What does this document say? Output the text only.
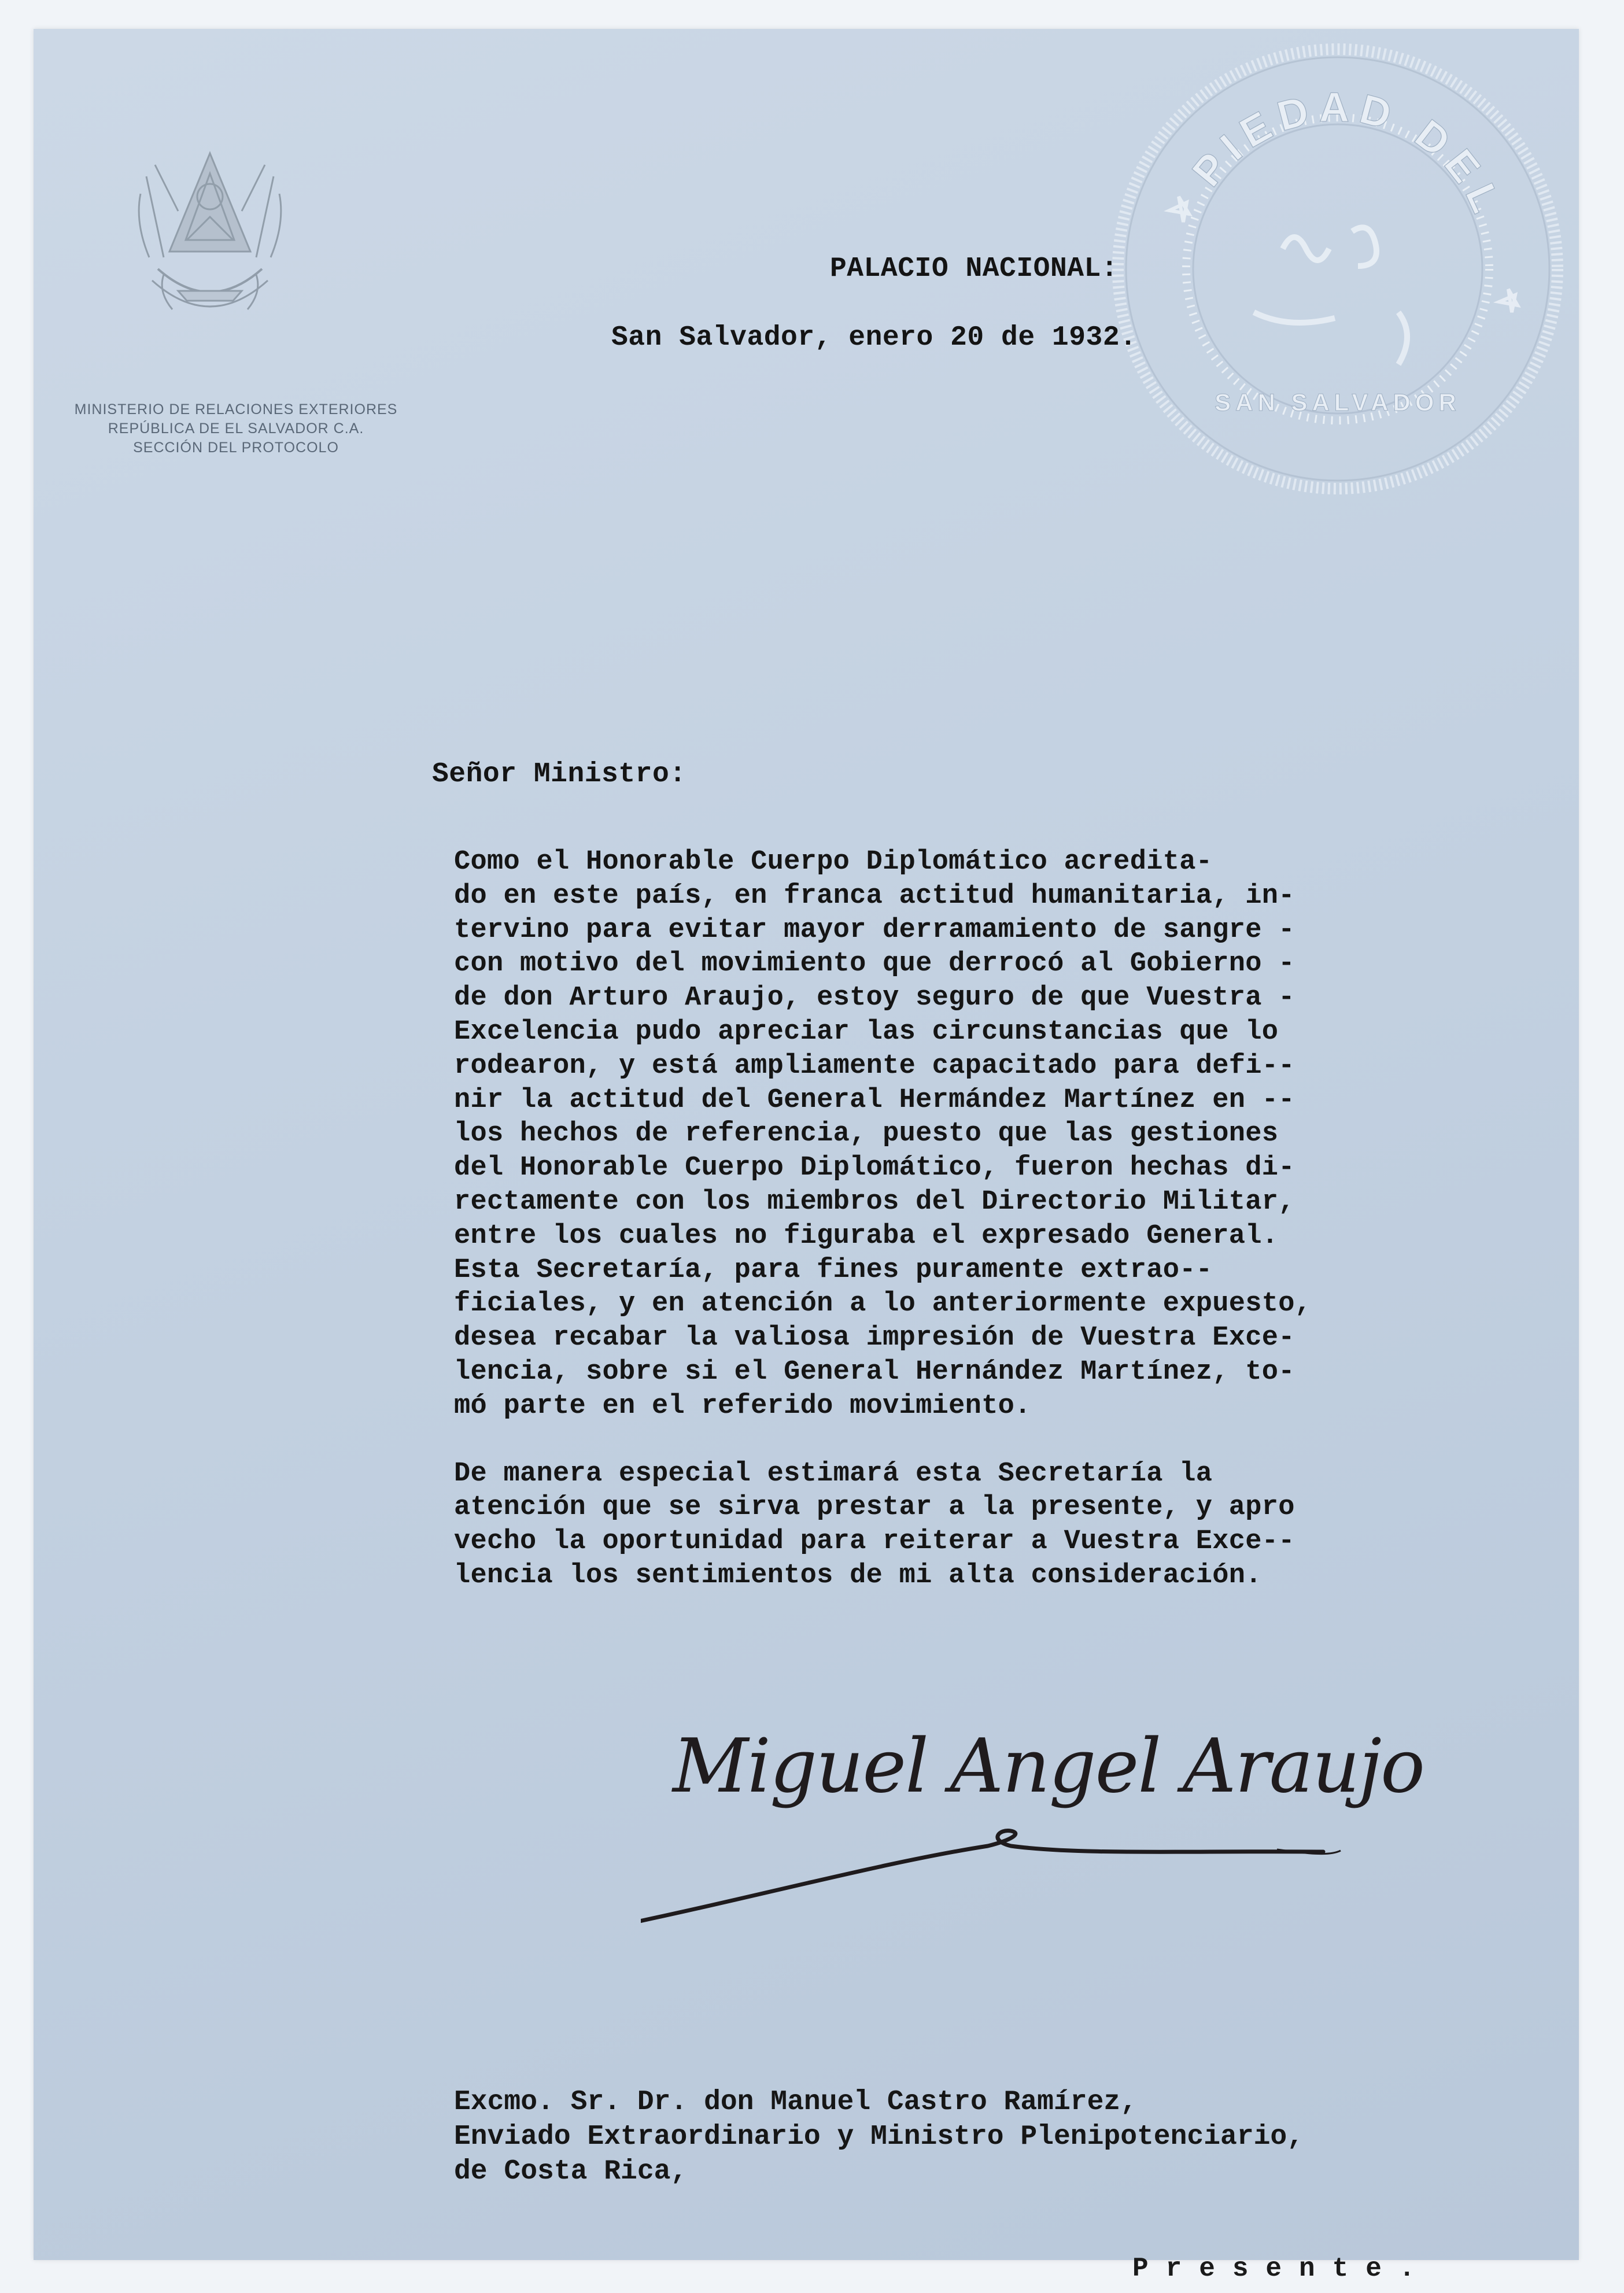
MINISTERIO DE RELACIONES EXTERIORES
REPÚBLICA DE EL SALVADOR C.A.
SECCIÓN DEL PROTOCOLO
PIEDAD DEL
SAN SALVADOR
PALACIO NACIONAL:
San Salvador, enero 20 de 1932.
Señor Ministro:
Como el Honorable Cuerpo Diplomático acredita-
do en este país, en franca actitud humanitaria, in-
tervino para evitar mayor derramamiento de sangre -
con motivo del movimiento que derrocó al Gobierno -
de don Arturo Araujo, estoy seguro de que Vuestra -
Excelencia pudo apreciar las circunstancias que lo
rodearon, y está ampliamente capacitado para defi--
nir la actitud del General Hermández Martínez en --
los hechos de referencia, puesto que las gestiones
del Honorable Cuerpo Diplomático, fueron hechas di-
rectamente con los miembros del Directorio Militar,
entre los cuales no figuraba el expresado General.
Esta Secretaría, para fines puramente extrao--
ficiales, y en atención a lo anteriormente expuesto,
desea recabar la valiosa impresión de Vuestra Exce-
lencia, sobre si el General Hernández Martínez, to-
mó parte en el referido movimiento.
De manera especial estimará esta Secretaría la
atención que se sirva prestar a la presente, y apro
vecho la oportunidad para reiterar a Vuestra Exce--
lencia los sentimientos de mi alta consideración.
Miguel Angel Araujo
Excmo. Sr. Dr. don Manuel Castro Ramírez,
Enviado Extraordinario y Ministro Plenipotenciario,
de Costa Rica,
Presente.
